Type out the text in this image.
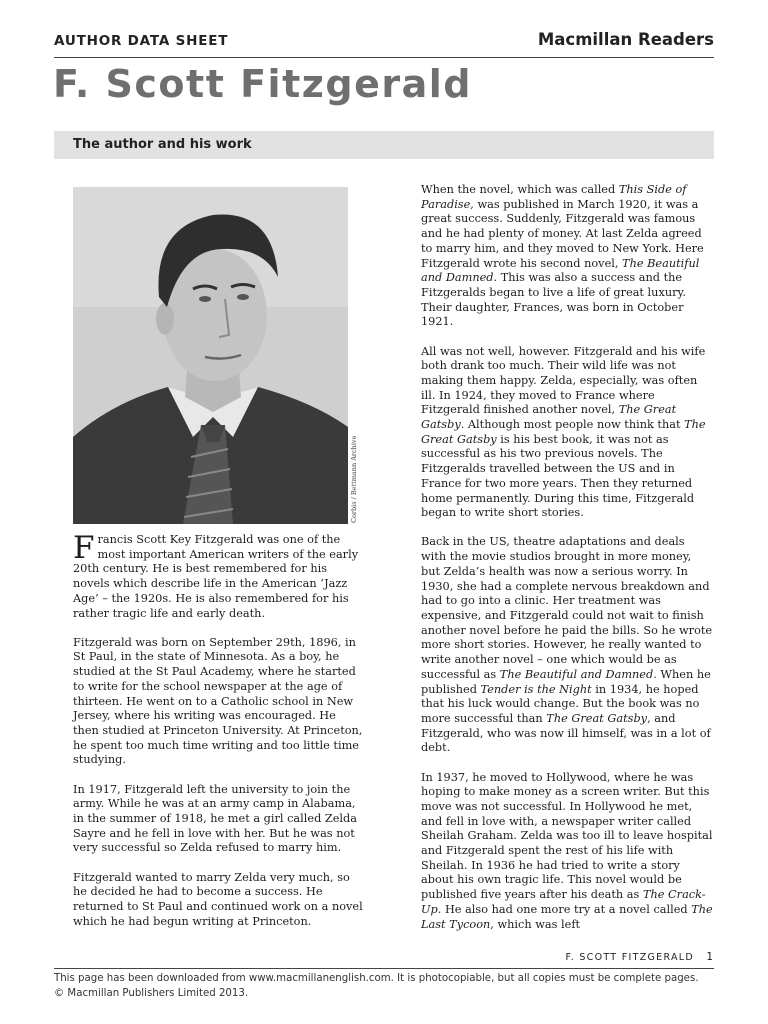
AUTHOR DATA SHEET	Macmillan Readers
F. Scott Fitzgerald
The author and his work
Corbis / Bettmann Archive

Francis Scott Key Fitzgerald was one of the most important American writers of the early 20th century. He is best remembered for his novels which describe life in the American ‘Jazz Age’ – the 1920s. He is also remembered for his rather tragic life and early death.

Fitzgerald was born on September 29th, 1896, in St Paul, in the state of Minnesota. As a boy, he studied at the St Paul Academy, where he started to write for the school newspaper at the age of thirteen. He went on to a Catholic school in New Jersey, where his writing was encouraged. He then studied at Princeton University. At Princeton, he spent too much time writing and too little time studying.

In 1917, Fitzgerald left the university to join the army. While he was at an army camp in Alabama, in the summer of 1918, he met a girl called Zelda Sayre and he fell in love with her. But he was not very successful so Zelda refused to marry him.

Fitzgerald wanted to marry Zelda very much, so he decided he had to become a success. He returned to St Paul and continued work on a novel which he had begun writing at Princeton.

When the novel, which was called This Side of Paradise, was published in March 1920, it was a great success. Suddenly, Fitzgerald was famous and he had plenty of money. At last Zelda agreed to marry him, and they moved to New York. Here Fitzgerald wrote his second novel, The Beautiful and Damned. This was also a success and the Fitzgeralds began to live a life of great luxury. Their daughter, Frances, was born in October 1921.

All was not well, however. Fitzgerald and his wife both drank too much. Their wild life was not making them happy. Zelda, especially, was often ill. In 1924, they moved to France where Fitzgerald finished another novel, The Great Gatsby. Although most people now think that The Great Gatsby is his best book, it was not as successful as his two previous novels. The Fitzgeralds travelled between the US and in France for two more years. Then they returned home permanently. During this time, Fitzgerald began to write short stories.

Back in the US, theatre adaptations and deals with the movie studios brought in more money, but Zelda’s health was now a serious worry. In 1930, she had a complete nervous breakdown and had to go into a clinic. Her treatment was expensive, and Fitzgerald could not wait to finish another novel before he paid the bills. So he wrote more short stories. However, he really wanted to write another novel – one which would be as successful as The Beautiful and Damned. When he published Tender is the Night in 1934, he hoped that his luck would change. But the book was no more successful than The Great Gatsby, and Fitzgerald, who was now ill himself, was in a lot of debt.

In 1937, he moved to Hollywood, where he was hoping to make money as a screen writer. But this move was not successful. In Hollywood he met, and fell in love with, a newspaper writer called Sheilah Graham. Zelda was too ill to leave hospital and Fitzgerald spent the rest of his life with Sheilah. In 1936 he had tried to write a story about his own tragic life. This novel would be published five years after his death as The Crack-Up. He also had one more try at a novel called The Last Tycoon, which was left

F. SCOTT FITZGERALD 1
This page has been downloaded from www.macmillanenglish.com. It is photocopiable, but all copies must be complete pages.
© Macmillan Publishers Limited 2013.
